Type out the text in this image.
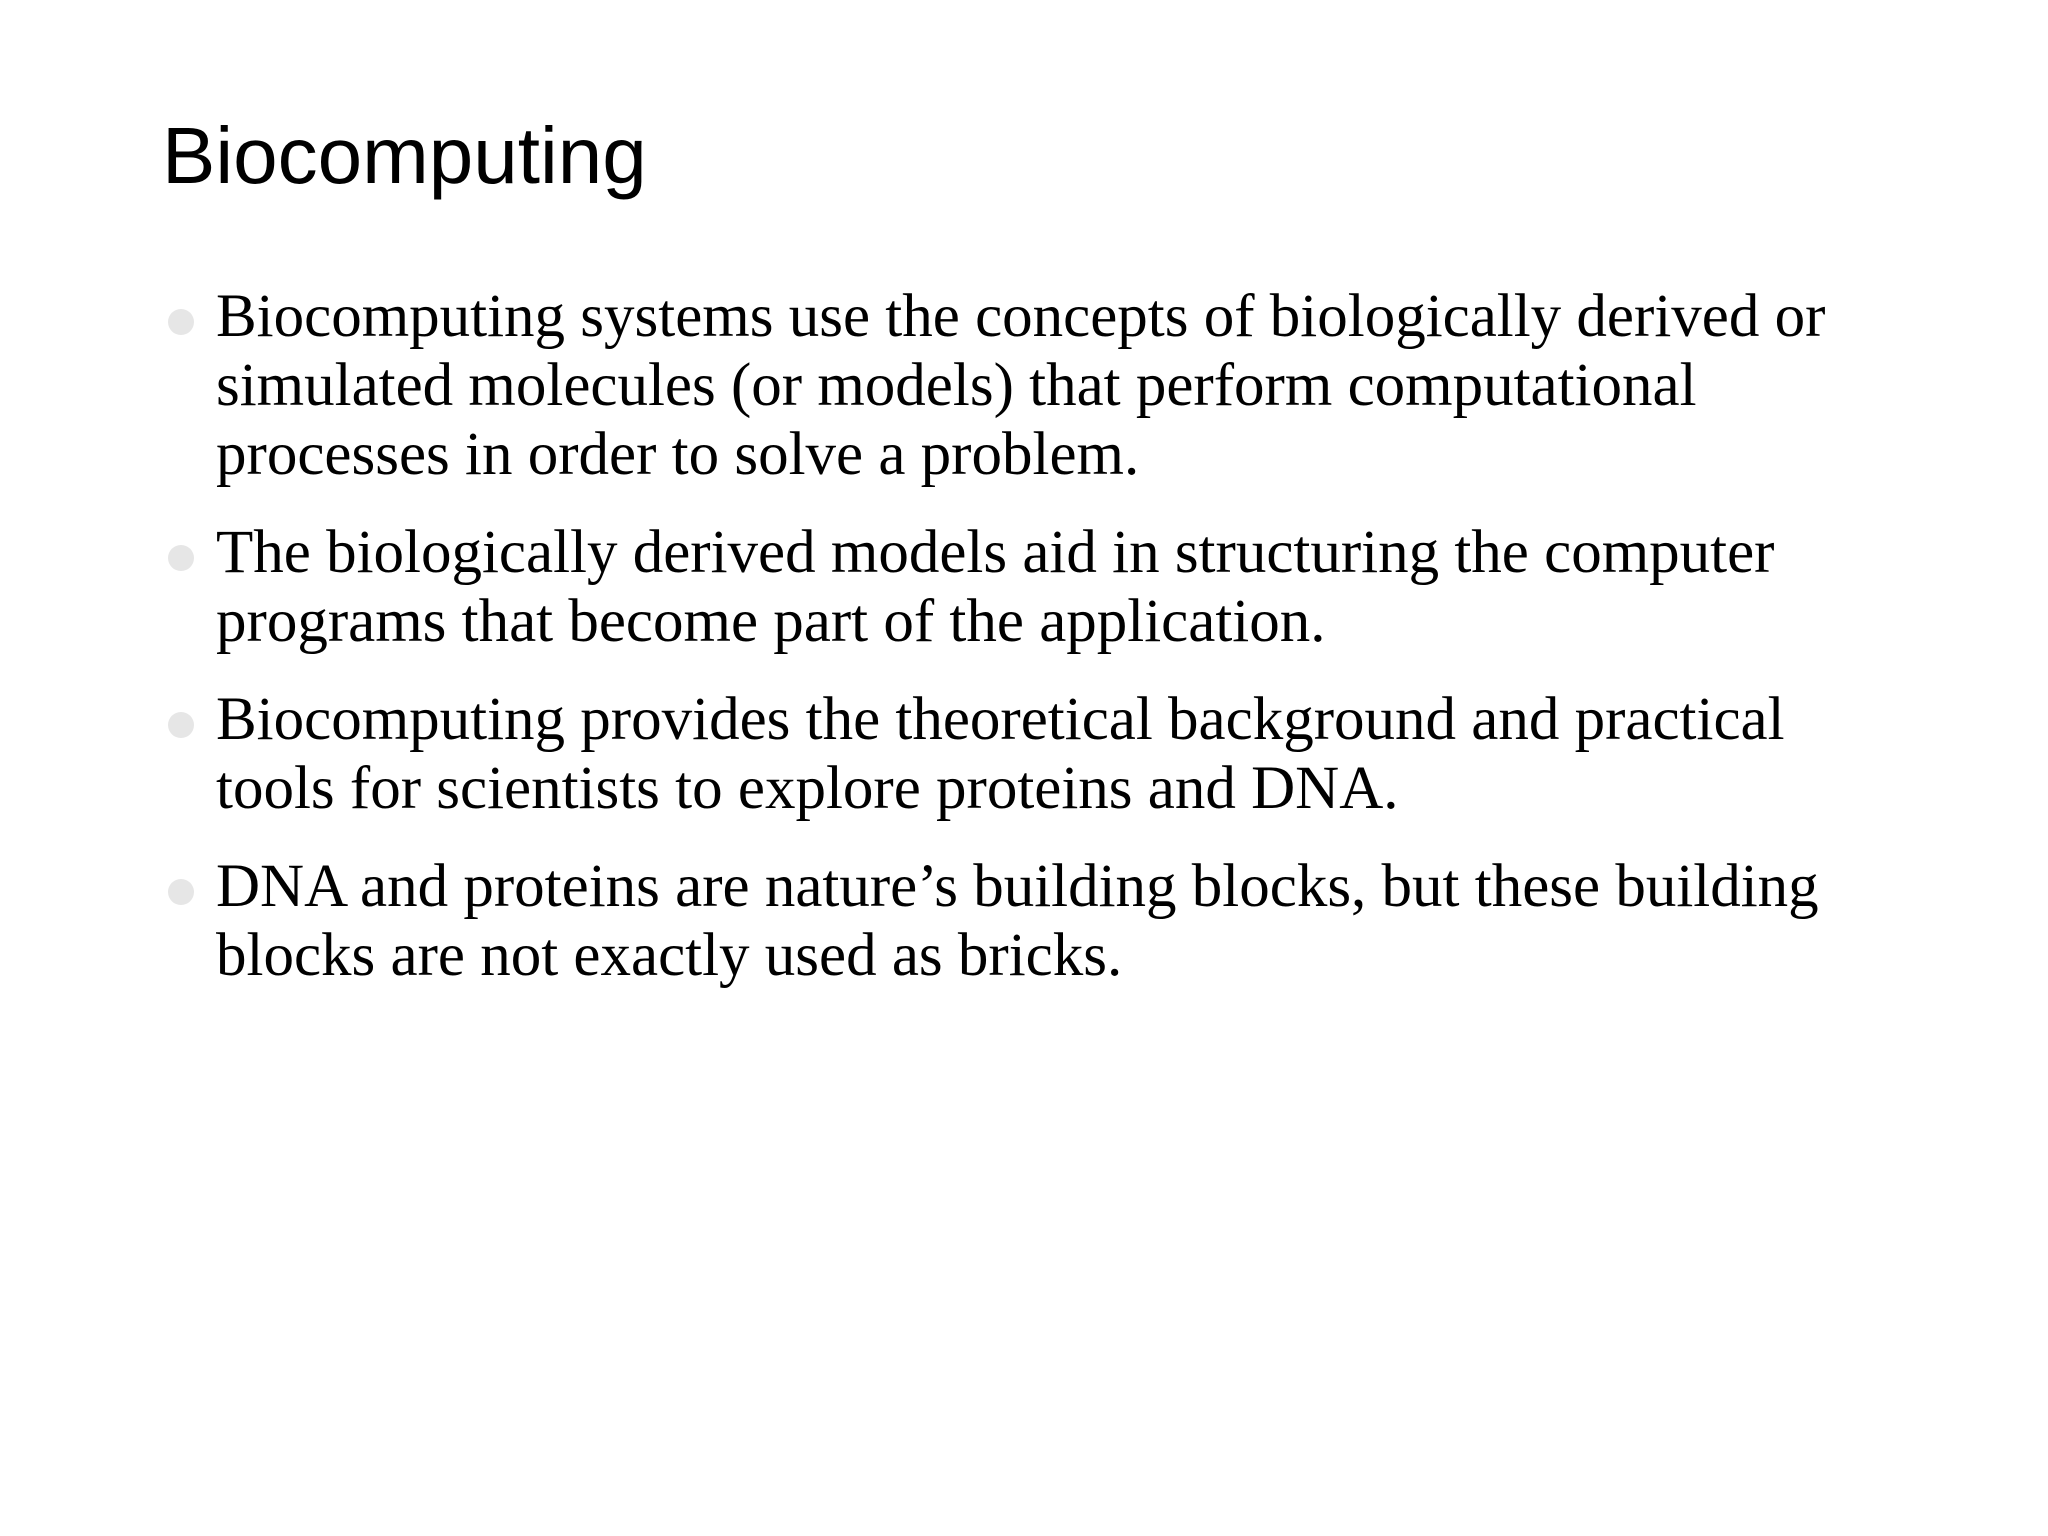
Biocomputing
Biocomputing systems use the concepts of biologically derived or simulated molecules (or models) that perform computational processes in order to solve a problem.
The biologically derived models aid in structuring the computer programs that become part of the application.
Biocomputing provides the theoretical background and practical tools for scientists to explore proteins and DNA.
DNA and proteins are nature’s building blocks, but these building blocks are not exactly used as bricks.
